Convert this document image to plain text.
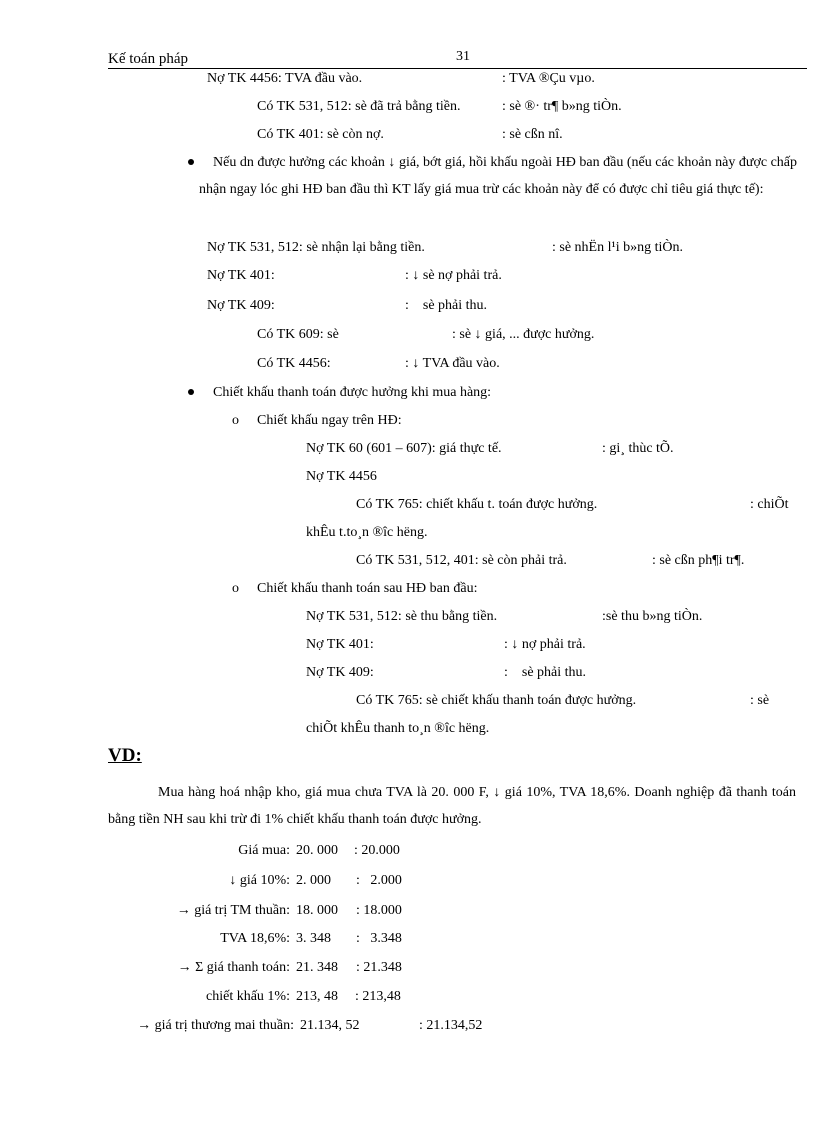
Kế toán pháp	31
Nợ TK 4456: TVA đầu vào.	: TVA ®Çu vµo.
Có TK 531, 512: sè đã trả bằng tiền.	: sè ®· tr¶ b»ng tiÒn.
Có TK 401: sè còn nợ.	: sè cßn nî.
Nếu dn được hưởng các khoản ↓ giá, bớt giá, hồi khấu ngoài HĐ ban đầu (nếu các khoản này được chấp nhận ngay lóc ghi HĐ ban đầu thì KT lấy giá mua trừ các khoản này để có được chỉ tiêu giá thực tế):
Nợ TK 531, 512: sè nhận lại bằng tiền.	: sè nhËn l¹i b»ng tiÒn.
Nợ TK 401:	: ↓ sè nợ phải trả.
Nợ TK 409:	:    sè phải thu.
Có TK 609: sè	: sè ↓ giá, ... được hưởng.
Có TK 4456:	: ↓ TVA đầu vào.
Chiết khấu thanh toán được hưởng khi mua hàng:
o Chiết khấu ngay trên HĐ:
Nợ TK 60 (601 – 607): giá thực tế.	: gi¸ thùc tÕ.
Nợ TK 4456
Có TK 765: chiết khấu t. toán được hưởng.	: chiÕt
khÊu t.to¸n ®îc hëng.
Có TK 531, 512, 401: sè còn phải trả.	: sè cßn ph¶i tr¶.
o Chiết khấu thanh toán sau HĐ ban đầu:
Nợ TK 531, 512: sè thu bằng tiền.	:sè thu b»ng tiÒn.
Nợ TK 401:	: ↓ nợ phải trả.
Nợ TK 409:	:    sè phải thu.
Có TK 765: sè chiết khấu thanh toán được hưởng.	: sè
chiÕt khÊu thanh to¸n ®îc hëng.
VD:
Mua hàng hoá nhập kho, giá mua chưa TVA là 20. 000 F, ↓ giá 10%, TVA 18,6%. Doanh nghiệp đã thanh toán bằng tiền NH sau khi trừ đi 1% chiết khấu thanh toán được hưởng.
Giá mua: 20. 000 : 20.000
↓ giá 10%: 2. 000 :   2.000
→ giá trị TM thuần: 18. 000 : 18.000
TVA 18,6%: 3. 348 :   3.348
→ Σ giá thanh toán: 21. 348 : 21.348
chiết khấu 1%: 213, 48 : 213,48
→ giá trị thương mai thuần: 21.134, 52	: 21.134,52
